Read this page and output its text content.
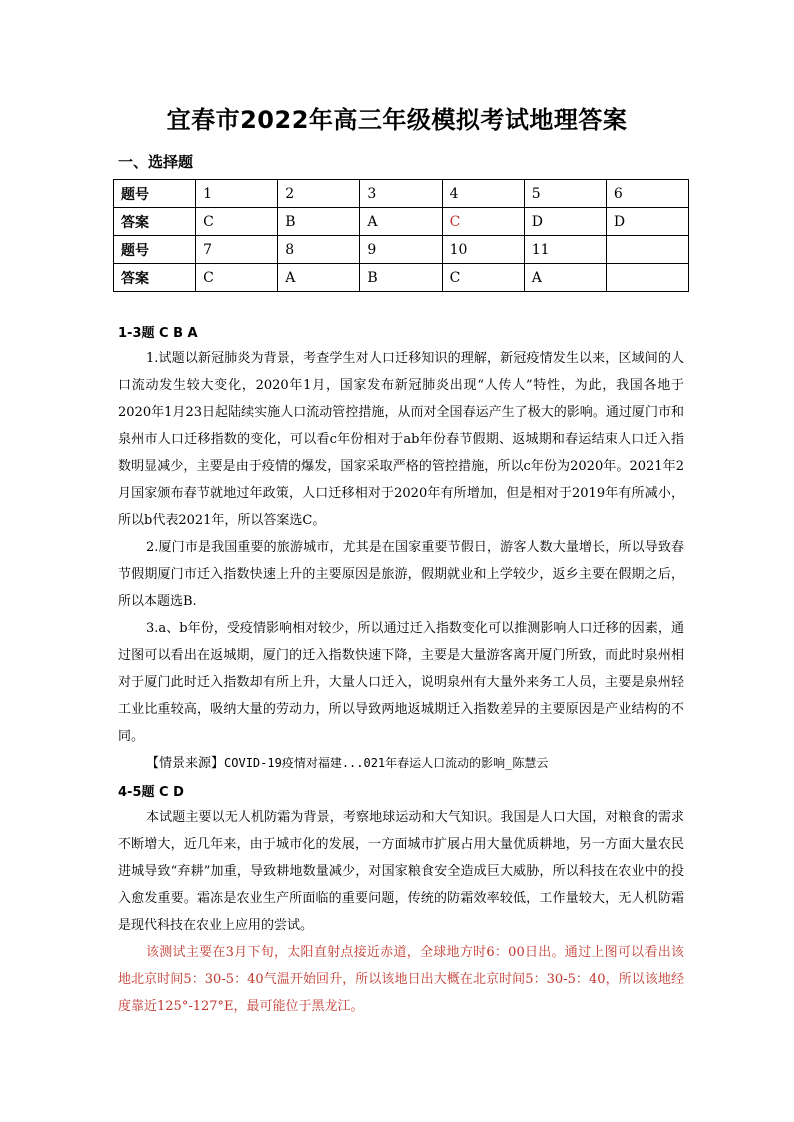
宜春市2022年高三年级模拟考试地理答案
一、选择题
题号	1	2	3	4	5	6
答案	C	B	A	C	D	D
题号	7	8	9	10	11	
答案	C	A	B	C	A	
1-3题 C B A
1.试题以新冠肺炎为背景，考查学生对人口迁移知识的理解，新冠疫情发生以来，区域间的人口流动发生较大变化，2020年1月，国家发布新冠肺炎出现“人传人”特性，为此，我国各地于2020年1月23日起陆续实施人口流动管控措施，从而对全国春运产生了极大的影响。通过厦门市和泉州市人口迁移指数的变化，可以看c年份相对于ab年份春节假期、返城期和春运结束人口迁入指数明显减少，主要是由于疫情的爆发，国家采取严格的管控措施，所以c年份为2020年。2021年2月国家颁布春节就地过年政策，人口迁移相对于2020年有所增加，但是相对于2019年有所减小，所以b代表2021年，所以答案选C。
2.厦门市是我国重要的旅游城市，尤其是在国家重要节假日，游客人数大量增长，所以导致春节假期厦门市迁入指数快速上升的主要原因是旅游，假期就业和上学较少，返乡主要在假期之后，所以本题选B.
3.a、b年份，受疫情影响相对较少，所以通过迁入指数变化可以推测影响人口迁移的因素，通过图可以看出在返城期，厦门的迁入指数快速下降，主要是大量游客离开厦门所致，而此时泉州相对于厦门此时迁入指数却有所上升，大量人口迁入，说明泉州有大量外来务工人员，主要是泉州轻工业比重较高，吸纳大量的劳动力，所以导致两地返城期迁入指数差异的主要原因是产业结构的不同。
【情景来源】COVID-19疫情对福建...021年春运人口流动的影响_陈慧云
4-5题 C D
本试题主要以无人机防霜为背景，考察地球运动和大气知识。我国是人口大国，对粮食的需求不断增大，近几年来，由于城市化的发展，一方面城市扩展占用大量优质耕地，另一方面大量农民进城导致“弃耕”加重，导致耕地数量减少，对国家粮食安全造成巨大威胁，所以科技在农业中的投入愈发重要。霜冻是农业生产所面临的重要问题，传统的防霜效率较低，工作量较大，无人机防霜是现代科技在农业上应用的尝试。
该测试主要在3月下旬，太阳直射点接近赤道，全球地方时6：00日出。通过上图可以看出该地北京时间5：30-5：40气温开始回升，所以该地日出大概在北京时间5：30-5：40，所以该地经度靠近125°-127°E，最可能位于黑龙江。
